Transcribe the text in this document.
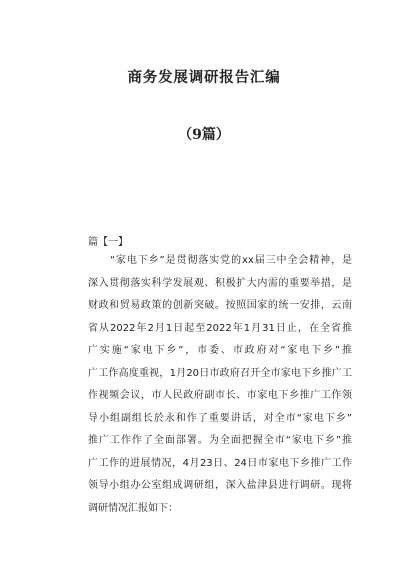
商务发展调研报告汇编
（9篇）
篇【一】
　　“家电下乡”是贯彻落实党的xx届三中全会精神，是
深入贯彻落实科学发展观、积极扩大内需的重要举措，是
财政和贸易政策的创新突破。按照国家的统一安排，云南
省从2022年2月1日起至2022年1月31日止，在全省推
广实施“家电下乡”，市委、市政府对“家电下乡”推
广工作高度重视，1月20日市政府召开全市家电下乡推广工
作视频会议，市人民政府副市长、市家电下乡推广工作领
导小组副组长於永和作了重要讲话，对全市“家电下乡”
推广工作作了全面部署。为全面把握全市“家电下乡”推
广工作的进展情况，4月23日、24日市家电下乡推广工作
领导小组办公室组成调研组，深入盐津县进行调研。现将
调研情况汇报如下：
